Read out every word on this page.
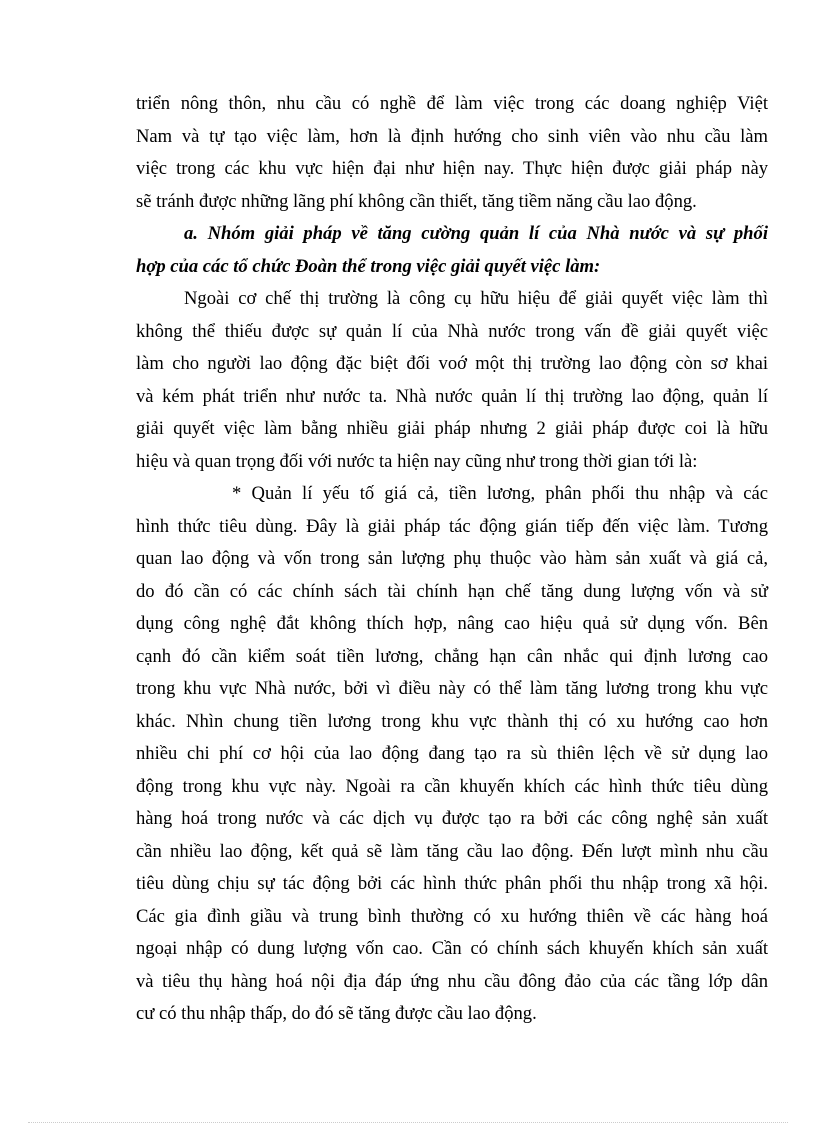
triển nông thôn, nhu cầu có nghề để làm việc trong các doang nghiệp Việt
Nam và tự tạo việc làm, hơn là định hướng cho sinh viên vào nhu cầu làm
việc trong các khu vực hiện đại như hiện nay. Thực hiện được giải pháp này
sẽ tránh được những lãng phí không cần thiết, tăng tiềm năng cầu lao động.
a. Nhóm giải pháp về tăng cường quản lí của Nhà nước và sự phối
hợp của các tổ chức Đoàn thể trong việc giải quyết việc làm:
Ngoài cơ chế thị trường là công cụ hữu hiệu để giải quyết việc làm thì
không thể thiếu được sự quản lí của Nhà nước trong vấn đề giải quyết việc
làm cho người lao động đặc biệt đối voớ một thị trường lao động còn sơ khai
và kém phát triển như nước ta. Nhà nước quản lí thị trường lao động, quản lí
giải quyết việc làm bằng nhiều giải pháp nhưng 2 giải pháp được coi là hữu
hiệu và quan trọng đối với nước ta hiện nay cũng như trong thời gian tới là:
* Quản lí yếu tố giá cả, tiền lương, phân phối thu nhập và các
hình thức tiêu dùng. Đây là giải pháp tác động gián tiếp đến việc làm. Tương
quan lao động và vốn trong sản lượng phụ thuộc vào hàm sản xuất và giá cả,
do đó cần có các chính sách tài chính hạn chế tăng dung lượng vốn và sử
dụng công nghệ đắt không thích hợp, nâng cao hiệu quả sử dụng vốn. Bên
cạnh đó cần kiểm soát tiền lương, chẳng hạn cân nhắc qui định lương cao
trong khu vực Nhà nước, bởi vì điều này có thể làm tăng lương trong khu vực
khác. Nhìn chung tiền lương trong khu vực thành thị có xu hướng cao hơn
nhiều chi phí cơ hội của lao động đang tạo ra sù thiên lệch về sử dụng lao
động trong khu vực này. Ngoài ra cần khuyến khích các hình thức tiêu dùng
hàng hoá trong nước và các dịch vụ được tạo ra bởi các công nghệ sản xuất
cần nhiều lao động, kết quả sẽ làm tăng cầu lao động. Đến lượt mình nhu cầu
tiêu dùng chịu sự tác động bởi các hình thức phân phối thu nhập trong xã hội.
Các gia đình giầu và trung bình thường có xu hướng thiên về các hàng hoá
ngoại nhập có dung lượng vốn cao. Cần có chính sách khuyến khích sản xuất
và tiêu thụ hàng hoá nội địa đáp ứng nhu cầu đông đảo của các tầng lớp dân
cư có thu nhập thấp, do đó sẽ tăng được cầu lao động.
